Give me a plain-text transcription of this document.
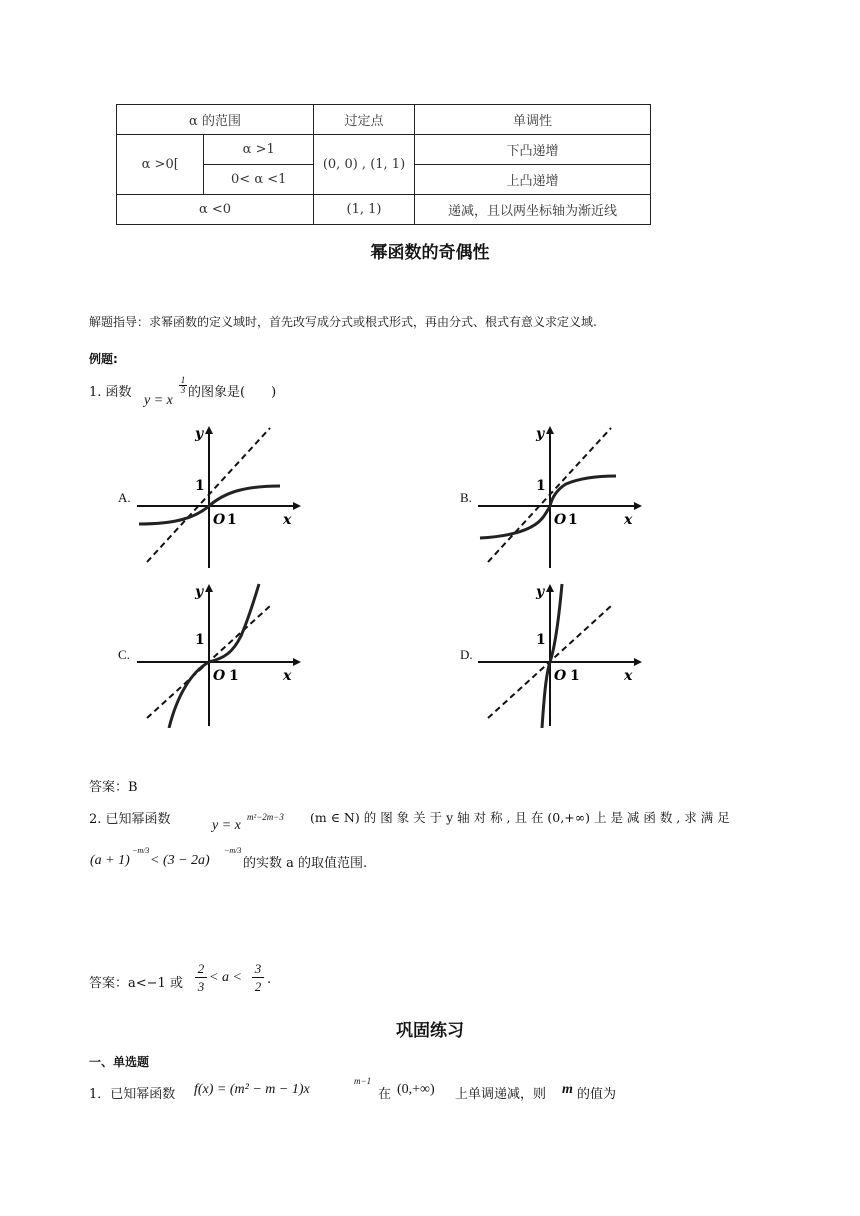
α 的范围		过定点	单调性
α >0[	α >1	(0, 0) , (1, 1)	下凸递增
	0< α <1		上凸递增
α <0		(1, 1)	递减，且以两坐标轴为渐近线
幂函数的奇偶性
解题指导：求幂函数的定义域时，首先改写成分式或根式形式，再由分式、根式有意义求定义域.
例题:
1. 函数
y = x
$\frac{1}{3}$ 的图象是(　　)
A.
y
x
O 1
1
B.
y
x
O 1
1
C.
y
x
O 1
1
D.
y
x
O 1
1
答案：B
2. 已知幂函数	y = x
m²−2m−3 (m ∈ N) 的 图 象 关 于 y 轴 对 称 , 且 在 (0,+∞) 上 是 减 函 数 , 求 满 足
(a + 1)
−m/3
< (3 − 2a)
−m/3
的实数 a 的取值范围.
答案：a<−1 或 $\frac{2}{3} < a < \frac{3}{2}$ .
巩固练习
一、单选题
1．已知幂函数 f(x) = (m² − m − 1)x
m−1
在 (0,+∞) 上单调递减，则 m 的值为
